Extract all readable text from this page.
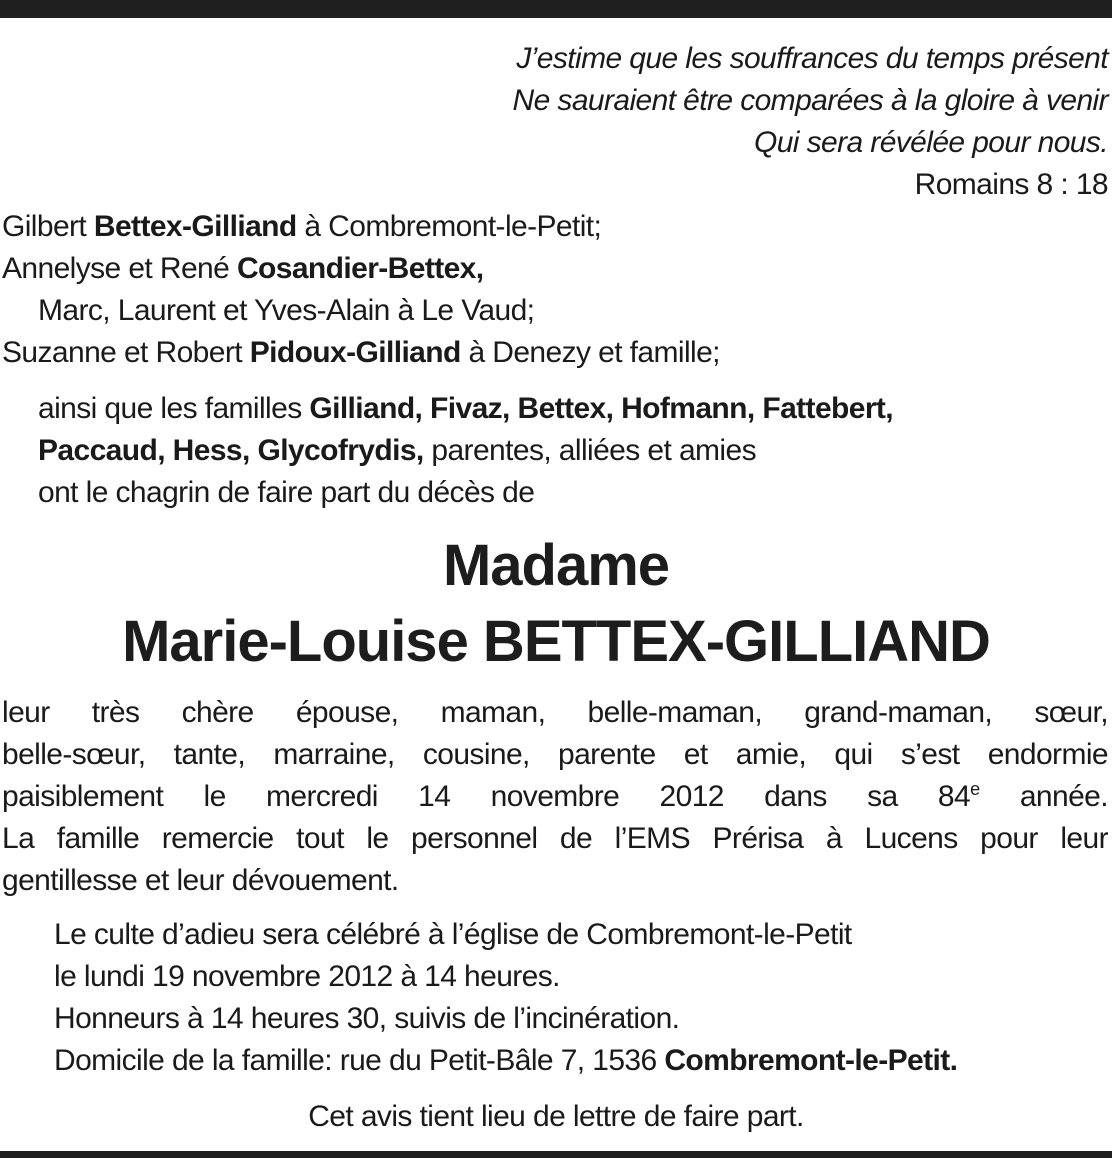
J’estime que les souffrances du temps présent
Ne sauraient être comparées à la gloire à venir
Qui sera révélée pour nous.
Romains 8 : 18
Gilbert Bettex-Gilliand à Combremont-le-Petit;
Annelyse et René Cosandier-Bettex,
Marc, Laurent et Yves-Alain à Le Vaud;
Suzanne et Robert Pidoux-Gilliand à Denezy et famille;
ainsi que les familles Gilliand, Fivaz, Bettex, Hofmann, Fattebert,
Paccaud, Hess, Glycofrydis, parentes, alliées et amies
ont le chagrin de faire part du décès de
Madame
Marie-Louise BETTEX-GILLIAND
leur très chère épouse, maman, belle-maman, grand-maman, sœur,
belle-sœur, tante, marraine, cousine, parente et amie, qui s’est endormie
paisiblement le mercredi 14 novembre 2012 dans sa 84e année.
La famille remercie tout le personnel de l’EMS Prérisa à Lucens pour leur
gentillesse et leur dévouement.
Le culte d’adieu sera célébré à l’église de Combremont-le-Petit
le lundi 19 novembre 2012 à 14 heures.
Honneurs à 14 heures 30, suivis de l’incinération.
Domicile de la famille: rue du Petit-Bâle 7, 1536 Combremont-le-Petit.
Cet avis tient lieu de lettre de faire part.
